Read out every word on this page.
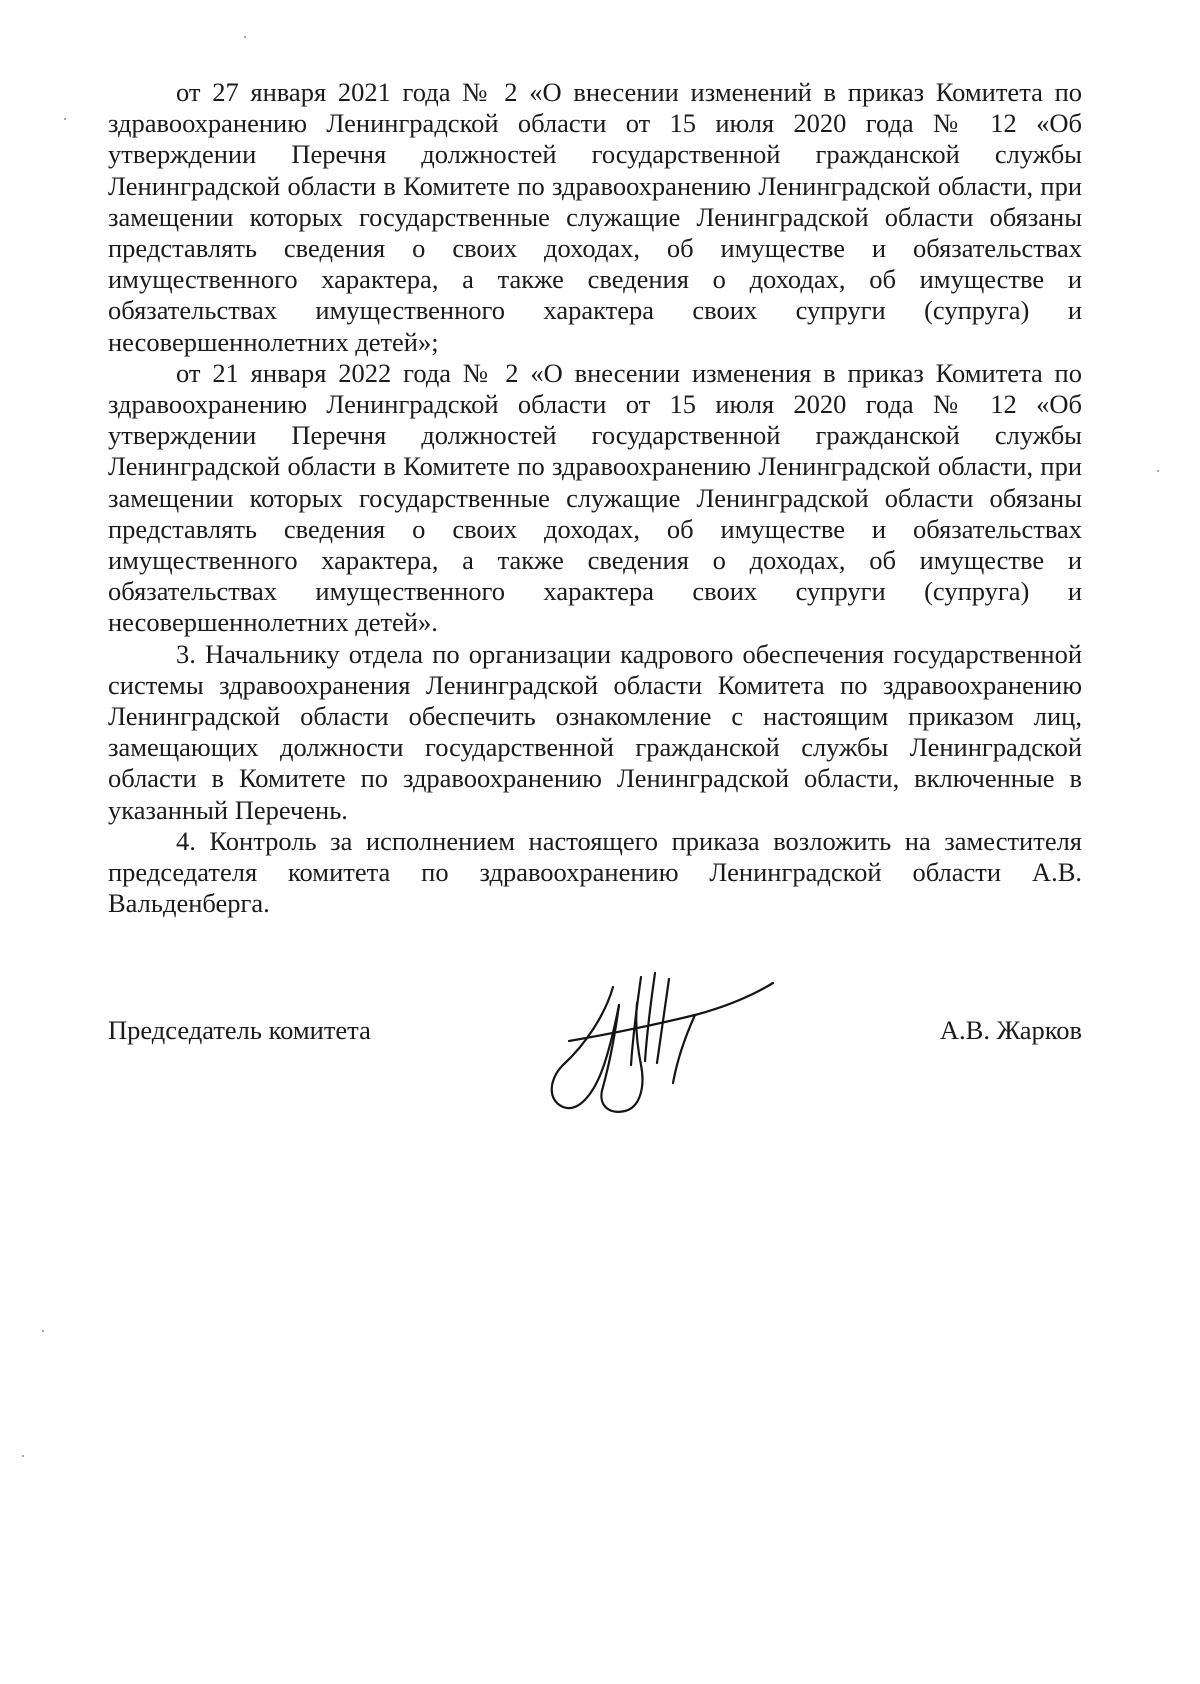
от 27 января 2021 года № 2 «О внесении изменений в приказ Комитета по здравоохранению Ленинградской области от 15 июля 2020 года № 12 «Об утверждении Перечня должностей государственной гражданской службы Ленинградской области в Комитете по здравоохранению Ленинградской области, при замещении которых государственные служащие Ленинградской области обязаны представлять сведения о своих доходах, об имуществе и обязательствах имущественного характера, а также сведения о доходах, об имуществе и обязательствах имущественного характера своих супруги (супруга) и несовершеннолетних детей»;

от 21 января 2022 года № 2 «О внесении изменения в приказ Комитета по здравоохранению Ленинградской области от 15 июля 2020 года № 12 «Об утверждении Перечня должностей государственной гражданской службы Ленинградской области в Комитете по здравоохранению Ленинградской области, при замещении которых государственные служащие Ленинградской области обязаны представлять сведения о своих доходах, об имуществе и обязательствах имущественного характера, а также сведения о доходах, об имуществе и обязательствах имущественного характера своих супруги (супруга) и несовершеннолетних детей».

3. Начальнику отдела по организации кадрового обеспечения государственной системы здравоохранения Ленинградской области Комитета по здравоохранению Ленинградской области обеспечить ознакомление с настоящим приказом лиц, замещающих должности государственной гражданской службы Ленинградской области в Комитете по здравоохранению Ленинградской области, включенные в указанный Перечень.

4. Контроль за исполнением настоящего приказа возложить на заместителя председателя комитета по здравоохранению Ленинградской области А.В. Вальденберга.

Председатель комитета	А.В. Жарков
